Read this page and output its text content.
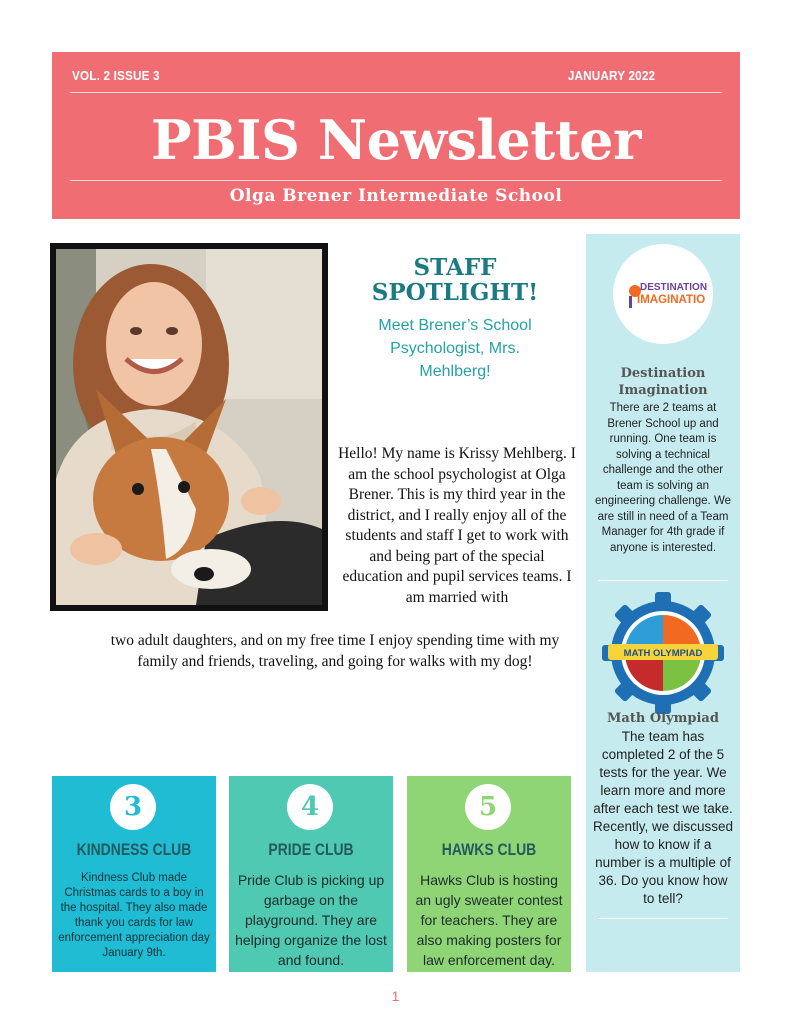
VOL. 2 ISSUE 3	JANUARY 2022
PBIS Newsletter
Olga Brener Intermediate School
STAFF
SPOTLIGHT!
Meet Brener’s School Psychologist, Mrs. Mehlberg!
Hello! My name is Krissy Mehlberg. I am the school psychologist at Olga Brener. This is my third year in the district, and I really enjoy all of the students and staff I get to work with and being part of the special education and pupil services teams. I am married with
two adult daughters, and on my free time I enjoy spending time with my family and friends, traveling, and going for walks with my dog!
DESTINATION
IMAGINATIO
Destination Imagination
There are 2 teams at Brener School up and running. One team is solving a technical challenge and the other team is solving an engineering challenge. We are still in need of a Team Manager for 4th grade if anyone is interested.
MATH OLYMPIAD
Math Olympiad
The team has completed 2 of the 5 tests for the year. We learn more and more after each test we take. Recently, we discussed how to know if a number is a multiple of 36. Do you know how to tell?
3
KINDNESS CLUB
Kindness Club made Christmas cards to a boy in the hospital. They also made thank you cards for law enforcement appreciation day January 9th.
4
PRIDE CLUB
Pride Club is picking up garbage on the playground. They are helping organize the lost and found.
5
HAWKS CLUB
Hawks Club is hosting an ugly sweater contest for teachers. They are also making posters for law enforcement day.
1
